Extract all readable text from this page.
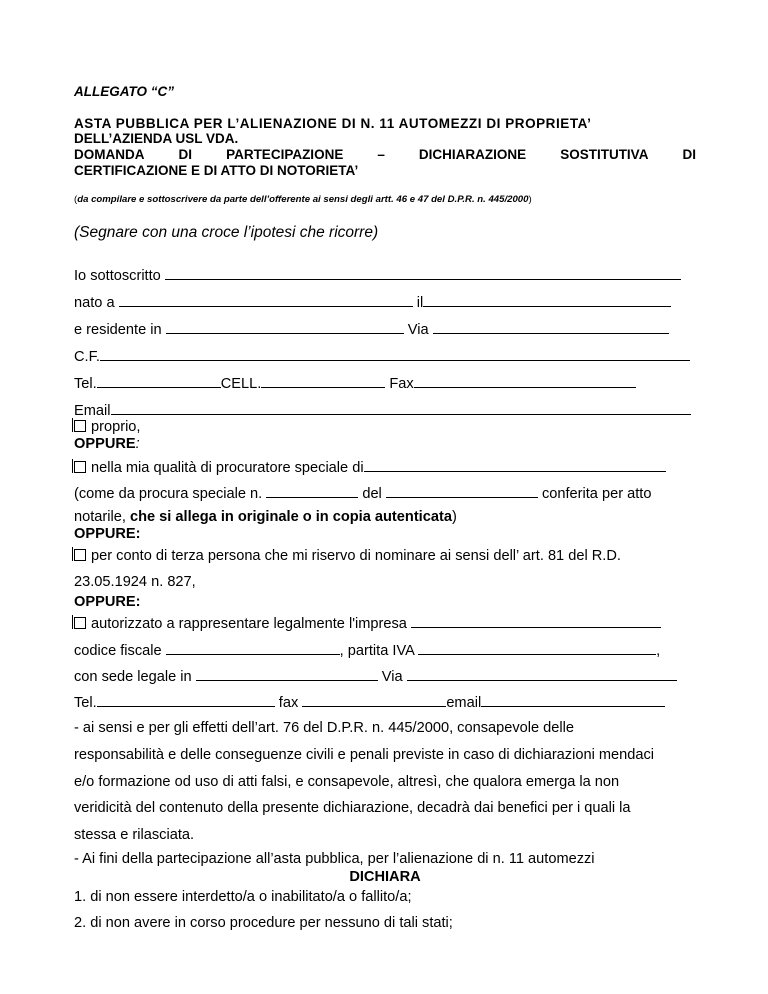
ALLEGATO “C”
ASTA PUBBLICA PER L’ALIENAZIONE DI N. 11 AUTOMEZZI DI PROPRIETA’
DELL’AZIENDA USL VDA.
DOMANDA	DI	PARTECIPAZIONE	–	DICHIARAZIONE	SOSTITUTIVA	DI
CERTIFICAZIONE E DI ATTO DI NOTORIETA’
(da compilare e sottoscrivere da parte dell’offerente ai sensi degli artt. 46 e 47 del D.P.R. n. 445/2000)
(Segnare con una croce l’ipotesi che ricorre)
Io sottoscritto
nato a	il
e residente in	Via
C.F.
Tel.	CELL.	Fax
Email
proprio,
OPPURE:
nella mia qualità di procuratore speciale di
(come da procura speciale n.	del	conferita per atto
notarile, che si allega in originale o in copia autenticata)
OPPURE:
per conto di terza persona che mi riservo di nominare ai sensi dell’ art. 81 del R.D.
23.05.1924 n. 827,
OPPURE:
autorizzato a rappresentare legalmente l'impresa
codice fiscale	, partita IVA	,
con sede legale in	Via
Tel.	fax	email
- ai sensi e per gli effetti dell’art. 76 del D.P.R. n. 445/2000, consapevole delle
responsabilità e delle conseguenze civili e penali previste in caso di dichiarazioni mendaci
e/o formazione od uso di atti falsi, e consapevole, altresì, che qualora emerga la non
veridicità del contenuto della presente dichiarazione, decadrà dai benefici per i quali la
stessa e rilasciata.
- Ai fini della partecipazione all’asta pubblica, per l’alienazione di n. 11 automezzi
DICHIARA
1. di non essere interdetto/a o inabilitato/a o fallito/a;
2. di non avere in corso procedure per nessuno di tali stati;
